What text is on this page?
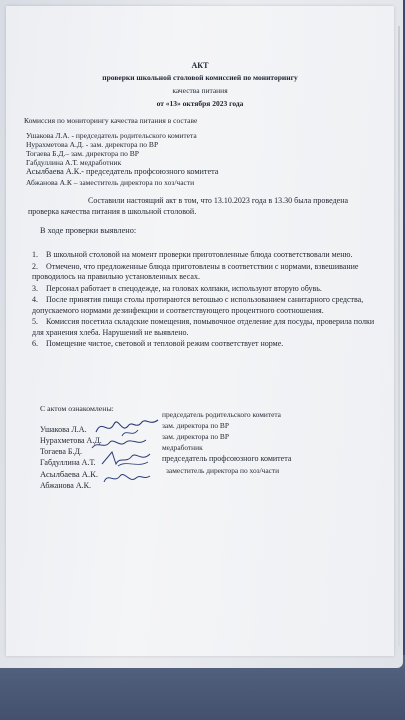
АКТ
проверки школьной столовой комиссией по мониторингу
качества питания
от «13» октября 2023 года
Комиссия по мониторингу качества питания в составе
Ушакова Л.А. - председатель родительского комитета
Нурахметова А.Д. - зам. директора по ВР
Тогаева Б.Д.– зам. директора по ВР
Габдуллина А.Т. медработник
Асылбаева А.К.- председатель профсоюзного комитета
Абжанова А.К – заместитель директора по хоз/части
Составили настоящий акт в том, что 13.10.2023 года в 13.30 была проведена проверка качества питания в школьной столовой.
В ходе проверки выявлено:
1. В школьной столовой на момент проверки приготовленные блюда соответствовали меню.
2. Отмечено, что предложенные блюда приготовлены в соответствии с нормами, взвешивание проводилось на правильно установленных весах.
3. Персонал работает в спецодежде, на головах колпаки, используют вторую обувь.
4. После принятия пищи столы протираются ветошью с использованием санитарного средства, допускаемого нормами дезинфекции и соответствующего процентного соотношения.
5. Комиссия посетила складские помещения, помывочное отделение для посуды, проверила полки для хранения хлеба. Нарушений не выявлено.
6. Помещение чистое, световой и тепловой режим соответствует норме.
С актом ознакомлены:
Ушакова Л.А.
председатель родительского комитета
Нурахметова А.Д.
зам. директора по ВР
Тогаева Б.Д.
зам. директора по ВР
Габдуллина А.Т.
медработник
Асылбаева А.К.
председатель профсоюзного комитета
Абжанова А.К.
заместитель директора по хоз/части
